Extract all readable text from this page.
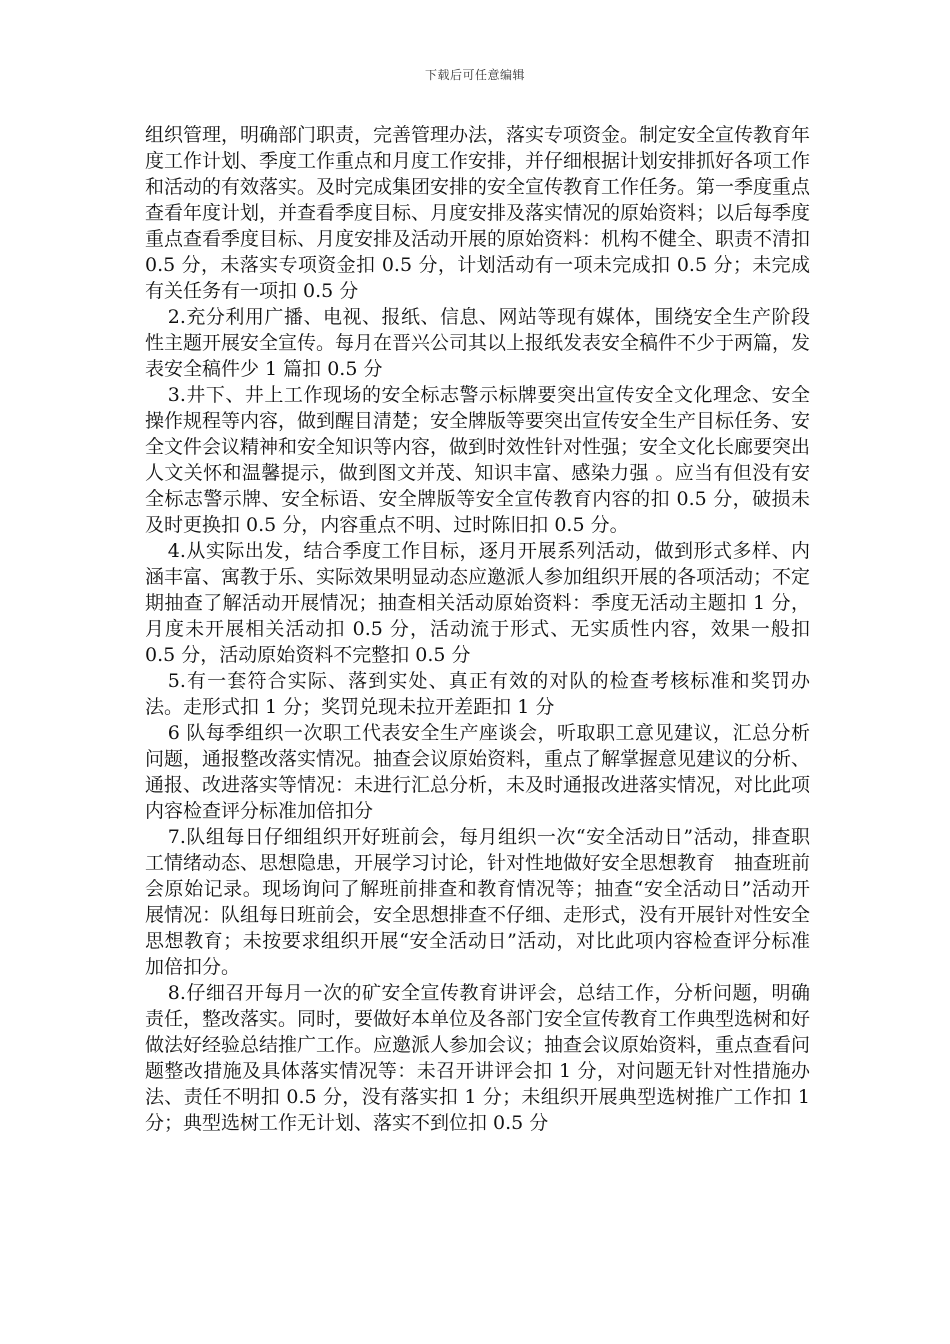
下载后可任意编辑

组织管理，明确部门职责，完善管理办法，落实专项资金。制定安全宣传教育年度工作计划、季度工作重点和月度工作安排，并仔细根据计划安排抓好各项工作和活动的有效落实。及时完成集团安排的安全宣传教育工作任务。第一季度重点查看年度计划，并查看季度目标、月度安排及落实情况的原始资料；以后每季度重点查看季度目标、月度安排及活动开展的原始资料：机构不健全、职责不清扣 0.5 分，未落实专项资金扣 0.5 分，计划活动有一项未完成扣 0.5 分；未完成有关任务有一项扣 0.5 分

2.充分利用广播、电视、报纸、信息、网站等现有媒体，围绕安全生产阶段性主题开展安全宣传。每月在晋兴公司其以上报纸发表安全稿件不少于两篇，发表安全稿件少 1 篇扣 0.5 分

3.井下、井上工作现场的安全标志警示标牌要突出宣传安全文化理念、安全操作规程等内容，做到醒目清楚；安全牌版等要突出宣传安全生产目标任务、安全文件会议精神和安全知识等内容，做到时效性针对性强；安全文化长廊要突出人文关怀和温馨提示，做到图文并茂、知识丰富、感染力强 。应当有但没有安全标志警示牌、安全标语、安全牌版等安全宣传教育内容的扣 0.5 分，破损未及时更换扣 0.5 分，内容重点不明、过时陈旧扣 0.5 分。

4.从实际出发，结合季度工作目标，逐月开展系列活动，做到形式多样、内涵丰富、寓教于乐、实际效果明显动态应邀派人参加组织开展的各项活动；不定期抽查了解活动开展情况；抽查相关活动原始资料：季度无活动主题扣 1 分，月度未开展相关活动扣 0.5 分，活动流于形式、无实质性内容，效果一般扣 0.5 分，活动原始资料不完整扣 0.5 分

5.有一套符合实际、落到实处、真正有效的对队的检查考核标准和奖罚办法。走形式扣 1 分；奖罚兑现未拉开差距扣 1 分

6 队每季组织一次职工代表安全生产座谈会，听取职工意见建议，汇总分析问题，通报整改落实情况。抽查会议原始资料，重点了解掌握意见建议的分析、通报、改进落实等情况：未进行汇总分析，未及时通报改进落实情况，对比此项内容检查评分标准加倍扣分

7.队组每日仔细组织开好班前会，每月组织一次“安全活动日”活动，排查职工情绪动态、思想隐患，开展学习讨论，针对性地做好安全思想教育　抽查班前会原始记录。现场询问了解班前排查和教育情况等；抽查“安全活动日”活动开展情况：队组每日班前会，安全思想排查不仔细、走形式，没有开展针对性安全思想教育；未按要求组织开展“安全活动日”活动，对比此项内容检查评分标准加倍扣分。

8.仔细召开每月一次的矿安全宣传教育讲评会，总结工作，分析问题，明确责任，整改落实。同时，要做好本单位及各部门安全宣传教育工作典型选树和好做法好经验总结推广工作。应邀派人参加会议；抽查会议原始资料，重点查看问题整改措施及具体落实情况等：未召开讲评会扣 1 分，对问题无针对性措施办法、责任不明扣 0.5 分，没有落实扣 1 分；未组织开展典型选树推广工作扣 1 分；典型选树工作无计划、落实不到位扣 0.5 分
